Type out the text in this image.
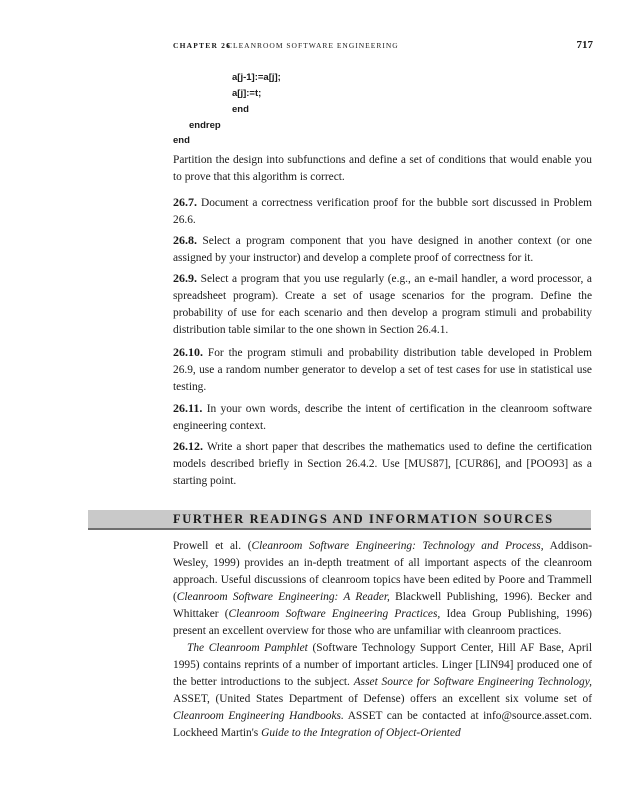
CHAPTER 26
CLEANROOM SOFTWARE ENGINEERING	717
a[j-1]:=a[j];
a[j]:=t;
end
endrep
end

Partition the design into subfunctions and define a set of conditions that would enable you to prove that this algorithm is correct.

26.7. Document a correctness verification proof for the bubble sort discussed in Problem 26.6.

26.8. Select a program component that you have designed in another context (or one assigned by your instructor) and develop a complete proof of correctness for it.

26.9. Select a program that you use regularly (e.g., an e-mail handler, a word processor, a spreadsheet program). Create a set of usage scenarios for the program. Define the probability of use for each scenario and then develop a program stimuli and probability distribution table similar to the one shown in Section 26.4.1.

26.10. For the program stimuli and probability distribution table developed in Problem 26.9, use a random number generator to develop a set of test cases for use in statistical use testing.

26.11. In your own words, describe the intent of certification in the cleanroom software engineering context.

26.12. Write a short paper that describes the mathematics used to define the certification models described briefly in Section 26.4.2. Use [MUS87], [CUR86], and [POO93] as a starting point.

FURTHER READINGS AND INFORMATION SOURCES

Prowell et al. (Cleanroom Software Engineering: Technology and Process, Addison-Wesley, 1999) provides an in-depth treatment of all important aspects of the cleanroom approach. Useful discussions of cleanroom topics have been edited by Poore and Trammell (Cleanroom Software Engineering: A Reader, Blackwell Publishing, 1996). Becker and Whittaker (Cleanroom Software Engineering Practices, Idea Group Publishing, 1996) present an excellent overview for those who are unfamiliar with cleanroom practices.

The Cleanroom Pamphlet (Software Technology Support Center, Hill AF Base, April 1995) contains reprints of a number of important articles. Linger [LIN94] produced one of the better introductions to the subject. Asset Source for Software Engineering Technology, ASSET, (United States Department of Defense) offers an excellent six volume set of Cleanroom Engineering Handbooks. ASSET can be contacted at info@source.asset.com. Lockheed Martin's Guide to the Integration of Object-Oriented
